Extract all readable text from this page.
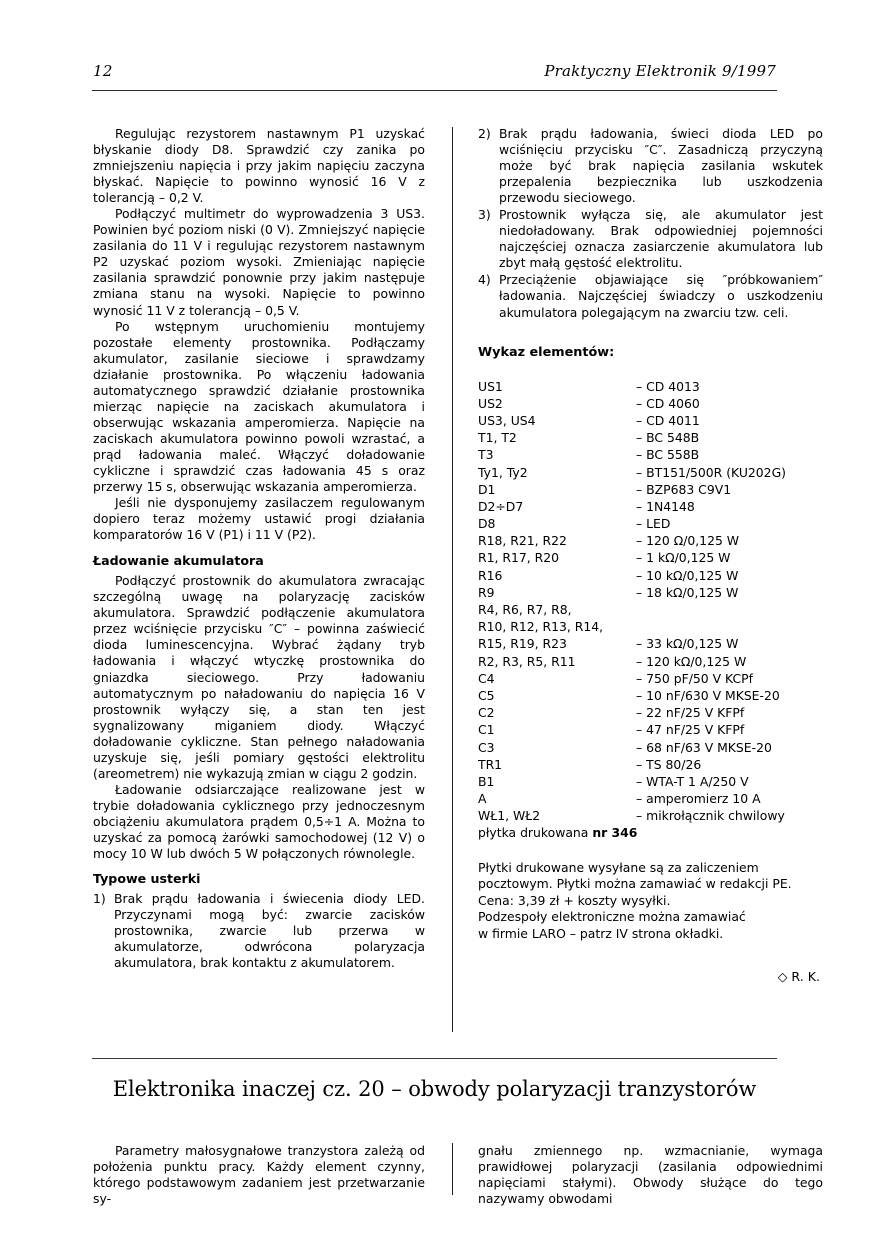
12	Praktyczny Elektronik 9/1997

Regulując rezystorem nastawnym P1 uzyskać błyskanie diody D8. Sprawdzić czy zanika po zmniejszeniu napięcia i przy jakim napięciu zaczyna błyskać. Napięcie to powinno wynosić 16 V z tolerancją – 0,2 V.

Podłączyć multimetr do wyprowadzenia 3 US3. Powinien być poziom niski (0 V). Zmniejszyć napięcie zasilania do 11 V i regulując rezystorem nastawnym P2 uzyskać poziom wysoki. Zmieniając napięcie zasilania sprawdzić ponownie przy jakim następuje zmiana stanu na wysoki. Napięcie to powinno wynosić 11 V z tolerancją – 0,5 V.

Po wstępnym uruchomieniu montujemy pozostałe elementy prostownika. Podłączamy akumulator, zasilanie sieciowe i sprawdzamy działanie prostownika. Po włączeniu ładowania automatycznego sprawdzić działanie prostownika mierząc napięcie na zaciskach akumulatora i obserwując wskazania amperomierza. Napięcie na zaciskach akumulatora powinno powoli wzrastać, a prąd ładowania maleć. Włączyć doładowanie cykliczne i sprawdzić czas ładowania 45 s oraz przerwy 15 s, obserwując wskazania amperomierza.

Jeśli nie dysponujemy zasilaczem regulowanym dopiero teraz możemy ustawić progi działania komparatorów 16 V (P1) i 11 V (P2).

Ładowanie akumulatora

Podłączyć prostownik do akumulatora zwracając szczególną uwagę na polaryzację zacisków akumulatora. Sprawdzić podłączenie akumulatora przez wciśnięcie przycisku ″C″ – powinna zaświecić dioda luminescencyjna. Wybrać żądany tryb ładowania i włączyć wtyczkę prostownika do gniazdka sieciowego. Przy ładowaniu automatycznym po naładowaniu do napięcia 16 V prostownik wyłączy się, a stan ten jest sygnalizowany miganiem diody. Włączyć doładowanie cykliczne. Stan pełnego naładowania uzyskuje się, jeśli pomiary gęstości elektrolitu (areometrem) nie wykazują zmian w ciągu 2 godzin.

Ładowanie odsiarczające realizowane jest w trybie doładowania cyklicznego przy jednoczesnym obciążeniu akumulatora prądem 0,5÷1 A. Można to uzyskać za pomocą żarówki samochodowej (12 V) o mocy 10 W lub dwóch 5 W połączonych równolegle.

Typowe usterki
1) Brak prądu ładowania i świecenia diody LED. Przyczynami mogą być: zwarcie zacisków prostownika, zwarcie lub przerwa w akumulatorze, odwrócona polaryzacja akumulatora, brak kontaktu z akumulatorem.
2) Brak prądu ładowania, świeci dioda LED po wciśnięciu przycisku ″C″. Zasadniczą przyczyną może być brak napięcia zasilania wskutek przepalenia bezpiecznika lub uszkodzenia przewodu sieciowego.
3) Prostownik wyłącza się, ale akumulator jest niedoładowany. Brak odpowiedniej pojemności najczęściej oznacza zasiarczenie akumulatora lub zbyt małą gęstość elektrolitu.
4) Przeciążenie objawiające się ″próbkowaniem″ ładowania. Najczęściej świadczy o uszkodzeniu akumulatora polegającym na zwarciu tzw. celi.
Wykaz elementów:
US1	– CD 4013
US2	– CD 4060
US3, US4	– CD 4011
T1, T2	– BC 548B
T3	– BC 558B
Ty1, Ty2	– BT151/500R (KU202G)
D1	– BZP683 C9V1
D2÷D7	– 1N4148
D8	– LED
R18, R21, R22	– 120 Ω/0,125 W
R1, R17, R20	– 1 kΩ/0,125 W
R16	– 10 kΩ/0,125 W
R9	– 18 kΩ/0,125 W
R4, R6, R7, R8,
R10, R12, R13, R14,
R15, R19, R23	– 33 kΩ/0,125 W
R2, R3, R5, R11	– 120 kΩ/0,125 W
C4	– 750 pF/50 V KCPf
C5	– 10 nF/630 V MKSE-20
C2	– 22 nF/25 V KFPf
C1	– 47 nF/25 V KFPf
C3	– 68 nF/63 V MKSE-20
TR1	– TS 80/26
B1	– WTA-T 1 A/250 V
A	– amperomierz 10 A
WŁ1, WŁ2	– mikrołącznik chwilowy
płytka drukowana nr 346
Płytki drukowane wysyłane są za zaliczeniem
pocztowym. Płytki można zamawiać w redakcji PE.
Cena: 3,39 zł + koszty wysyłki.
Podzespoły elektroniczne można zamawiać
w firmie LARO – patrz IV strona okładki.
◇ R. K.
Elektronika inaczej cz. 20 – obwody polaryzacji tranzystorów

Parametry małosygnałowe tranzystora zależą od położenia punktu pracy. Każdy element czynny, którego podstawowym zadaniem jest przetwarzanie sy-

gnału zmiennego np. wzmacnianie, wymaga prawidłowej polaryzacji (zasilania odpowiednimi napięciami stałymi). Obwody służące do tego nazywamy obwodami
